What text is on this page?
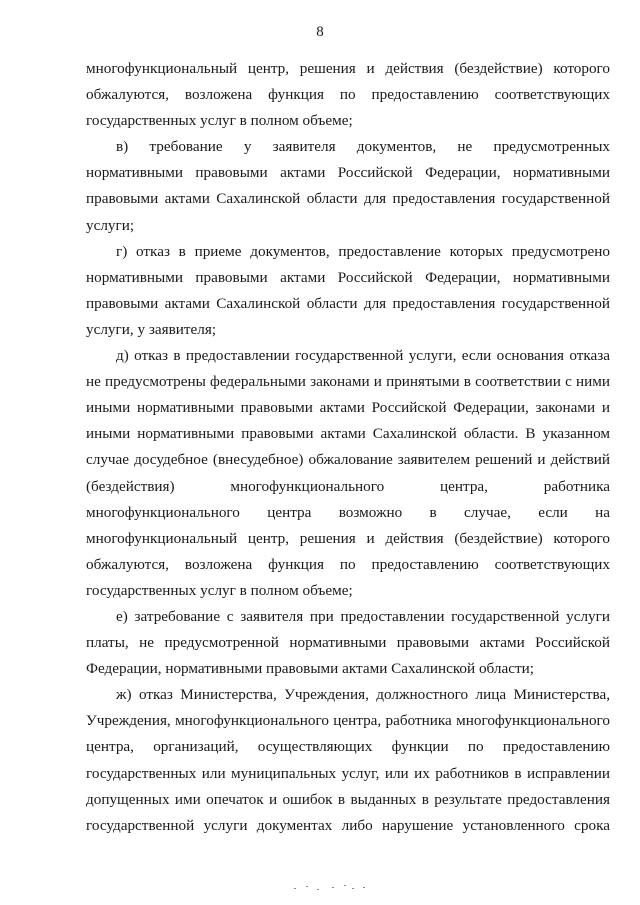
8
многофункциональный центр, решения и действия (бездействие) которого
обжалуются, возложена функция по предоставлению соответствующих
государственных услуг в полном объеме;
в) требование у заявителя документов, не предусмотренных
нормативными правовыми актами Российской Федерации, нормативными
правовыми актами Сахалинской области для предоставления государственной
услуги;
г) отказ в приеме документов, предоставление которых предусмотрено
нормативными правовыми актами Российской Федерации, нормативными
правовыми актами Сахалинской области для предоставления государственной
услуги, у заявителя;
д) отказ в предоставлении государственной услуги, если основания отказа
не предусмотрены федеральными законами и принятыми в соответствии с ними
иными нормативными правовыми актами Российской Федерации, законами и
иными нормативными правовыми актами Сахалинской области. В указанном
случае досудебное (внесудебное) обжалование заявителем решений и действий
(бездействия) многофункционального центра, работника
многофункционального центра возможно в случае, если на
многофункциональный центр, решения и действия (бездействие) которого
обжалуются, возложена функция по предоставлению соответствующих
государственных услуг в полном объеме;
е) затребование с заявителя при предоставлении государственной услуги
платы, не предусмотренной нормативными правовыми актами Российской
Федерации, нормативными правовыми актами Сахалинской области;
ж) отказ Министерства, Учреждения, должностного лица Министерства,
Учреждения, многофункционального центра, работника многофункционального
центра, организаций, осуществляющих функции по предоставлению
государственных или муниципальных услуг, или их работников в исправлении
допущенных ими опечаток и ошибок в выданных в результате предоставления
государственной услуги документах либо нарушение установленного срока
